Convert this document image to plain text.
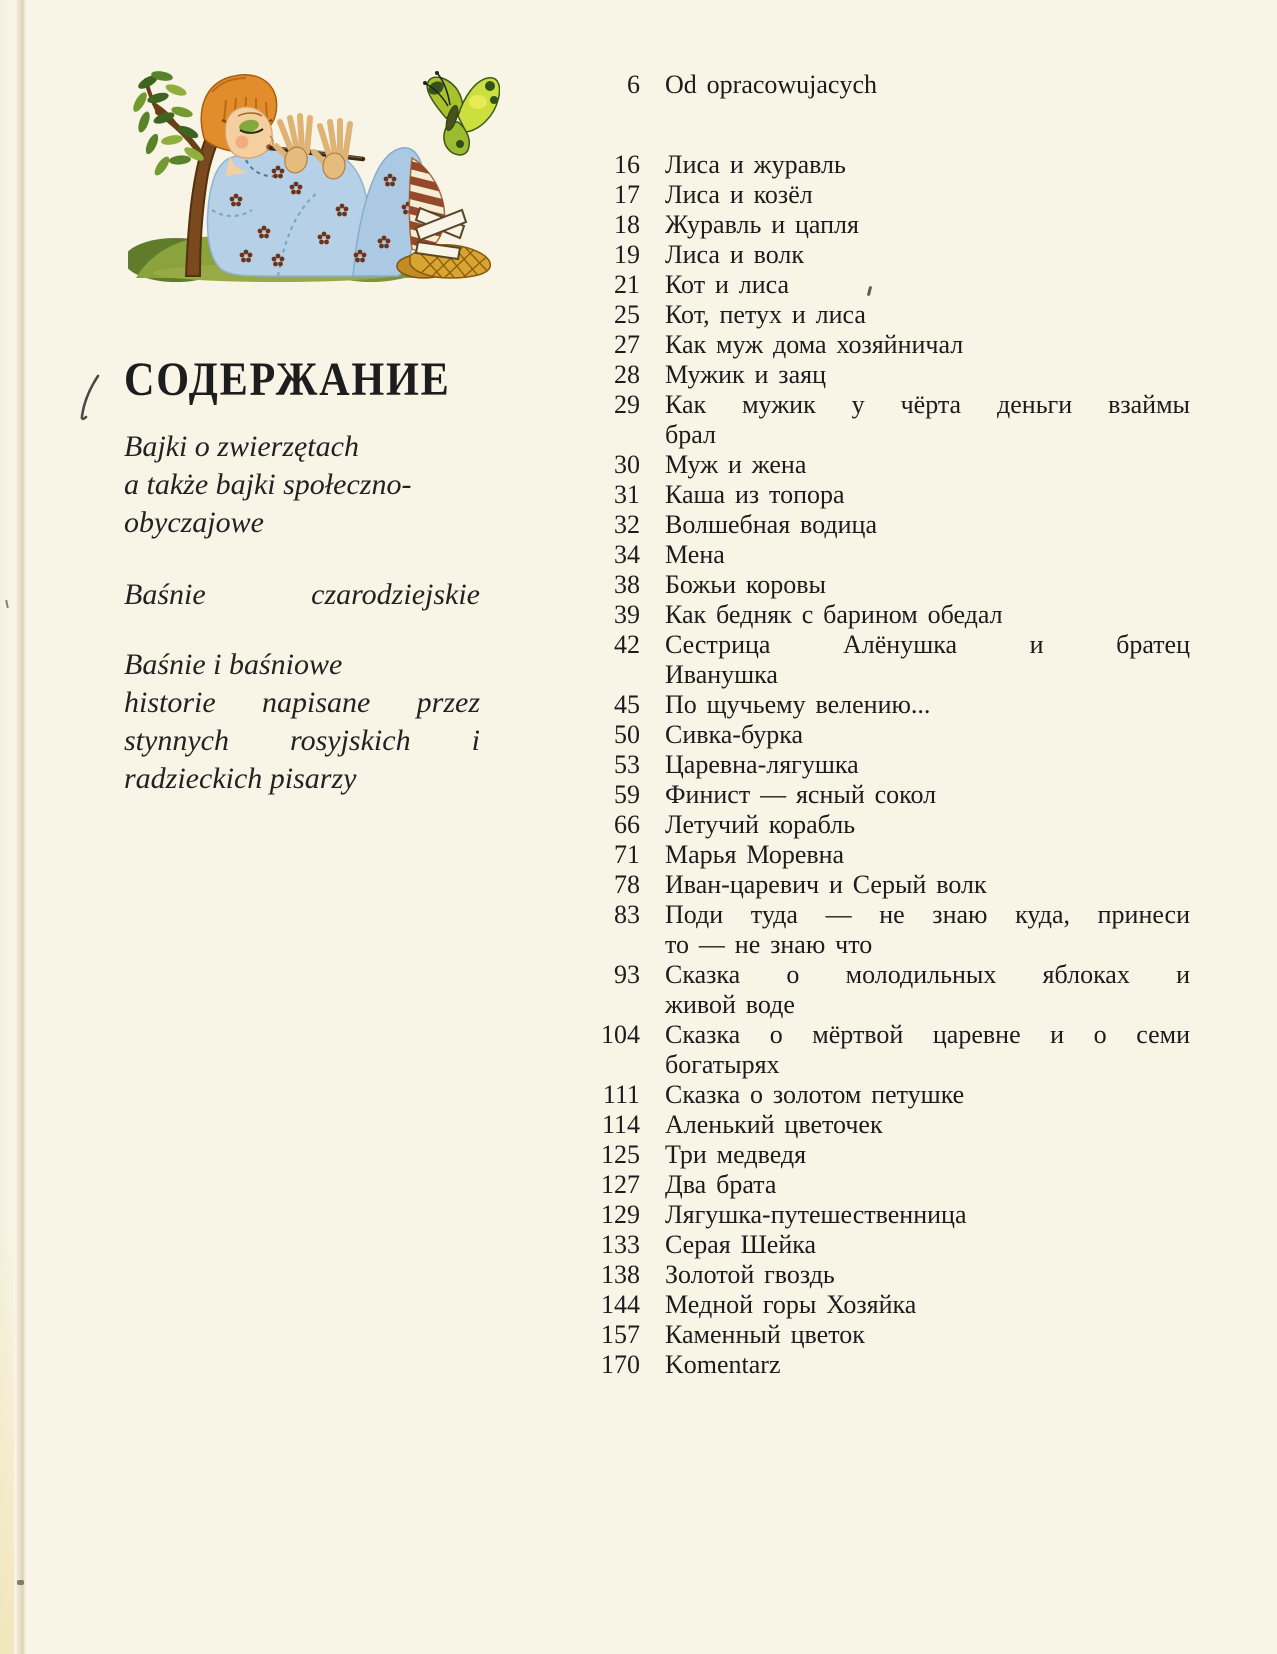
СОДЕРЖАНИЕ
Bajki o zwierzętach
a także bajki społeczno-
obyczajowe
Baśnie czarodziejskie
Baśnie i baśniowe
historie napisane przez
stynnych rosyjskich i
radzieckich pisarzy
6 Od opracowujacych
16 Лиса и журавль
17 Лиса и козёл
18 Журавль и цапля
19 Лиса и волк
21 Кот и лиса
25 Кот, петух и лиса
27 Как муж дома хозяйничал
28 Мужик и заяц
29 Как мужик у чёрта деньги взаймы
брал
30 Муж и жена
31 Каша из топора
32 Волшебная водица
34 Мена
38 Божьи коровы
39 Как бедняк с барином обедал
42 Сестрица Алёнушка и братец
Иванушка
45 По щучьему велению...
50 Сивка-бурка
53 Царевна-лягушка
59 Финист — ясный сокол
66 Летучий корабль
71 Марья Моревна
78 Иван-царевич и Серый волк
83 Поди туда — не знаю куда, принеси
то — не знаю что
93 Сказка о молодильных яблоках и
живой воде
104 Сказка о мёртвой царевне и о семи
богатырях
111 Сказка о золотом петушке
114 Аленький цветочек
125 Три медведя
127 Два брата
129 Лягушка-путешественница
133 Серая Шейка
138 Золотой гвоздь
144 Медной горы Хозяйка
157 Каменный цветок
170 Komentarz
